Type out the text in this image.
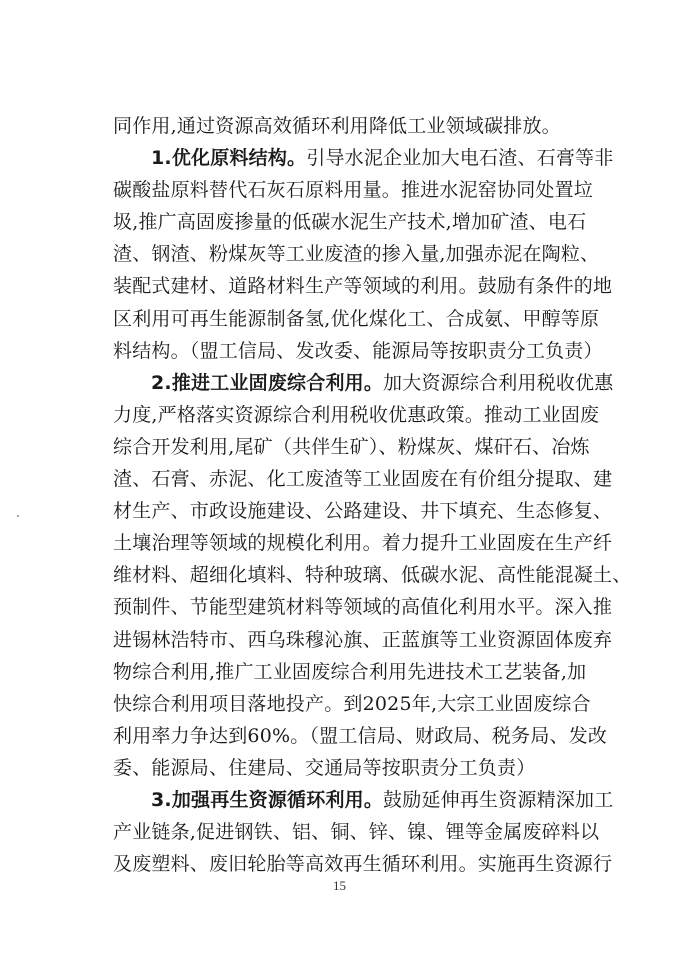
同作用,通过资源高效循环利用降低工业领域碳排放。
1.优化原料结构。引导水泥企业加大电石渣、石膏等非
碳酸盐原料替代石灰石原料用量。推进水泥窑协同处置垃
圾,推广高固废掺量的低碳水泥生产技术,增加矿渣、电石
渣、钢渣、粉煤灰等工业废渣的掺入量,加强赤泥在陶粒、
装配式建材、道路材料生产等领域的利用。鼓励有条件的地
区利用可再生能源制备氢,优化煤化工、合成氨、甲醇等原
料结构。（盟工信局、发改委、能源局等按职责分工负责）
2.推进工业固废综合利用。加大资源综合利用税收优惠
力度,严格落实资源综合利用税收优惠政策。推动工业固废
综合开发利用,尾矿（共伴生矿）、粉煤灰、煤矸石、冶炼
渣、石膏、赤泥、化工废渣等工业固废在有价组分提取、建
材生产、市政设施建设、公路建设、井下填充、生态修复、
土壤治理等领域的规模化利用。着力提升工业固废在生产纤
维材料、超细化填料、特种玻璃、低碳水泥、高性能混凝土、
预制件、节能型建筑材料等领域的高值化利用水平。深入推
进锡林浩特市、西乌珠穆沁旗、正蓝旗等工业资源固体废弃
物综合利用,推广工业固废综合利用先进技术工艺装备,加
快综合利用项目落地投产。到2025年,大宗工业固废综合
利用率力争达到60%。（盟工信局、财政局、税务局、发改
委、能源局、住建局、交通局等按职责分工负责）
3.加强再生资源循环利用。鼓励延伸再生资源精深加工
产业链条,促进钢铁、铝、铜、锌、镍、锂等金属废碎料以
及废塑料、废旧轮胎等高效再生循环利用。实施再生资源行
15
